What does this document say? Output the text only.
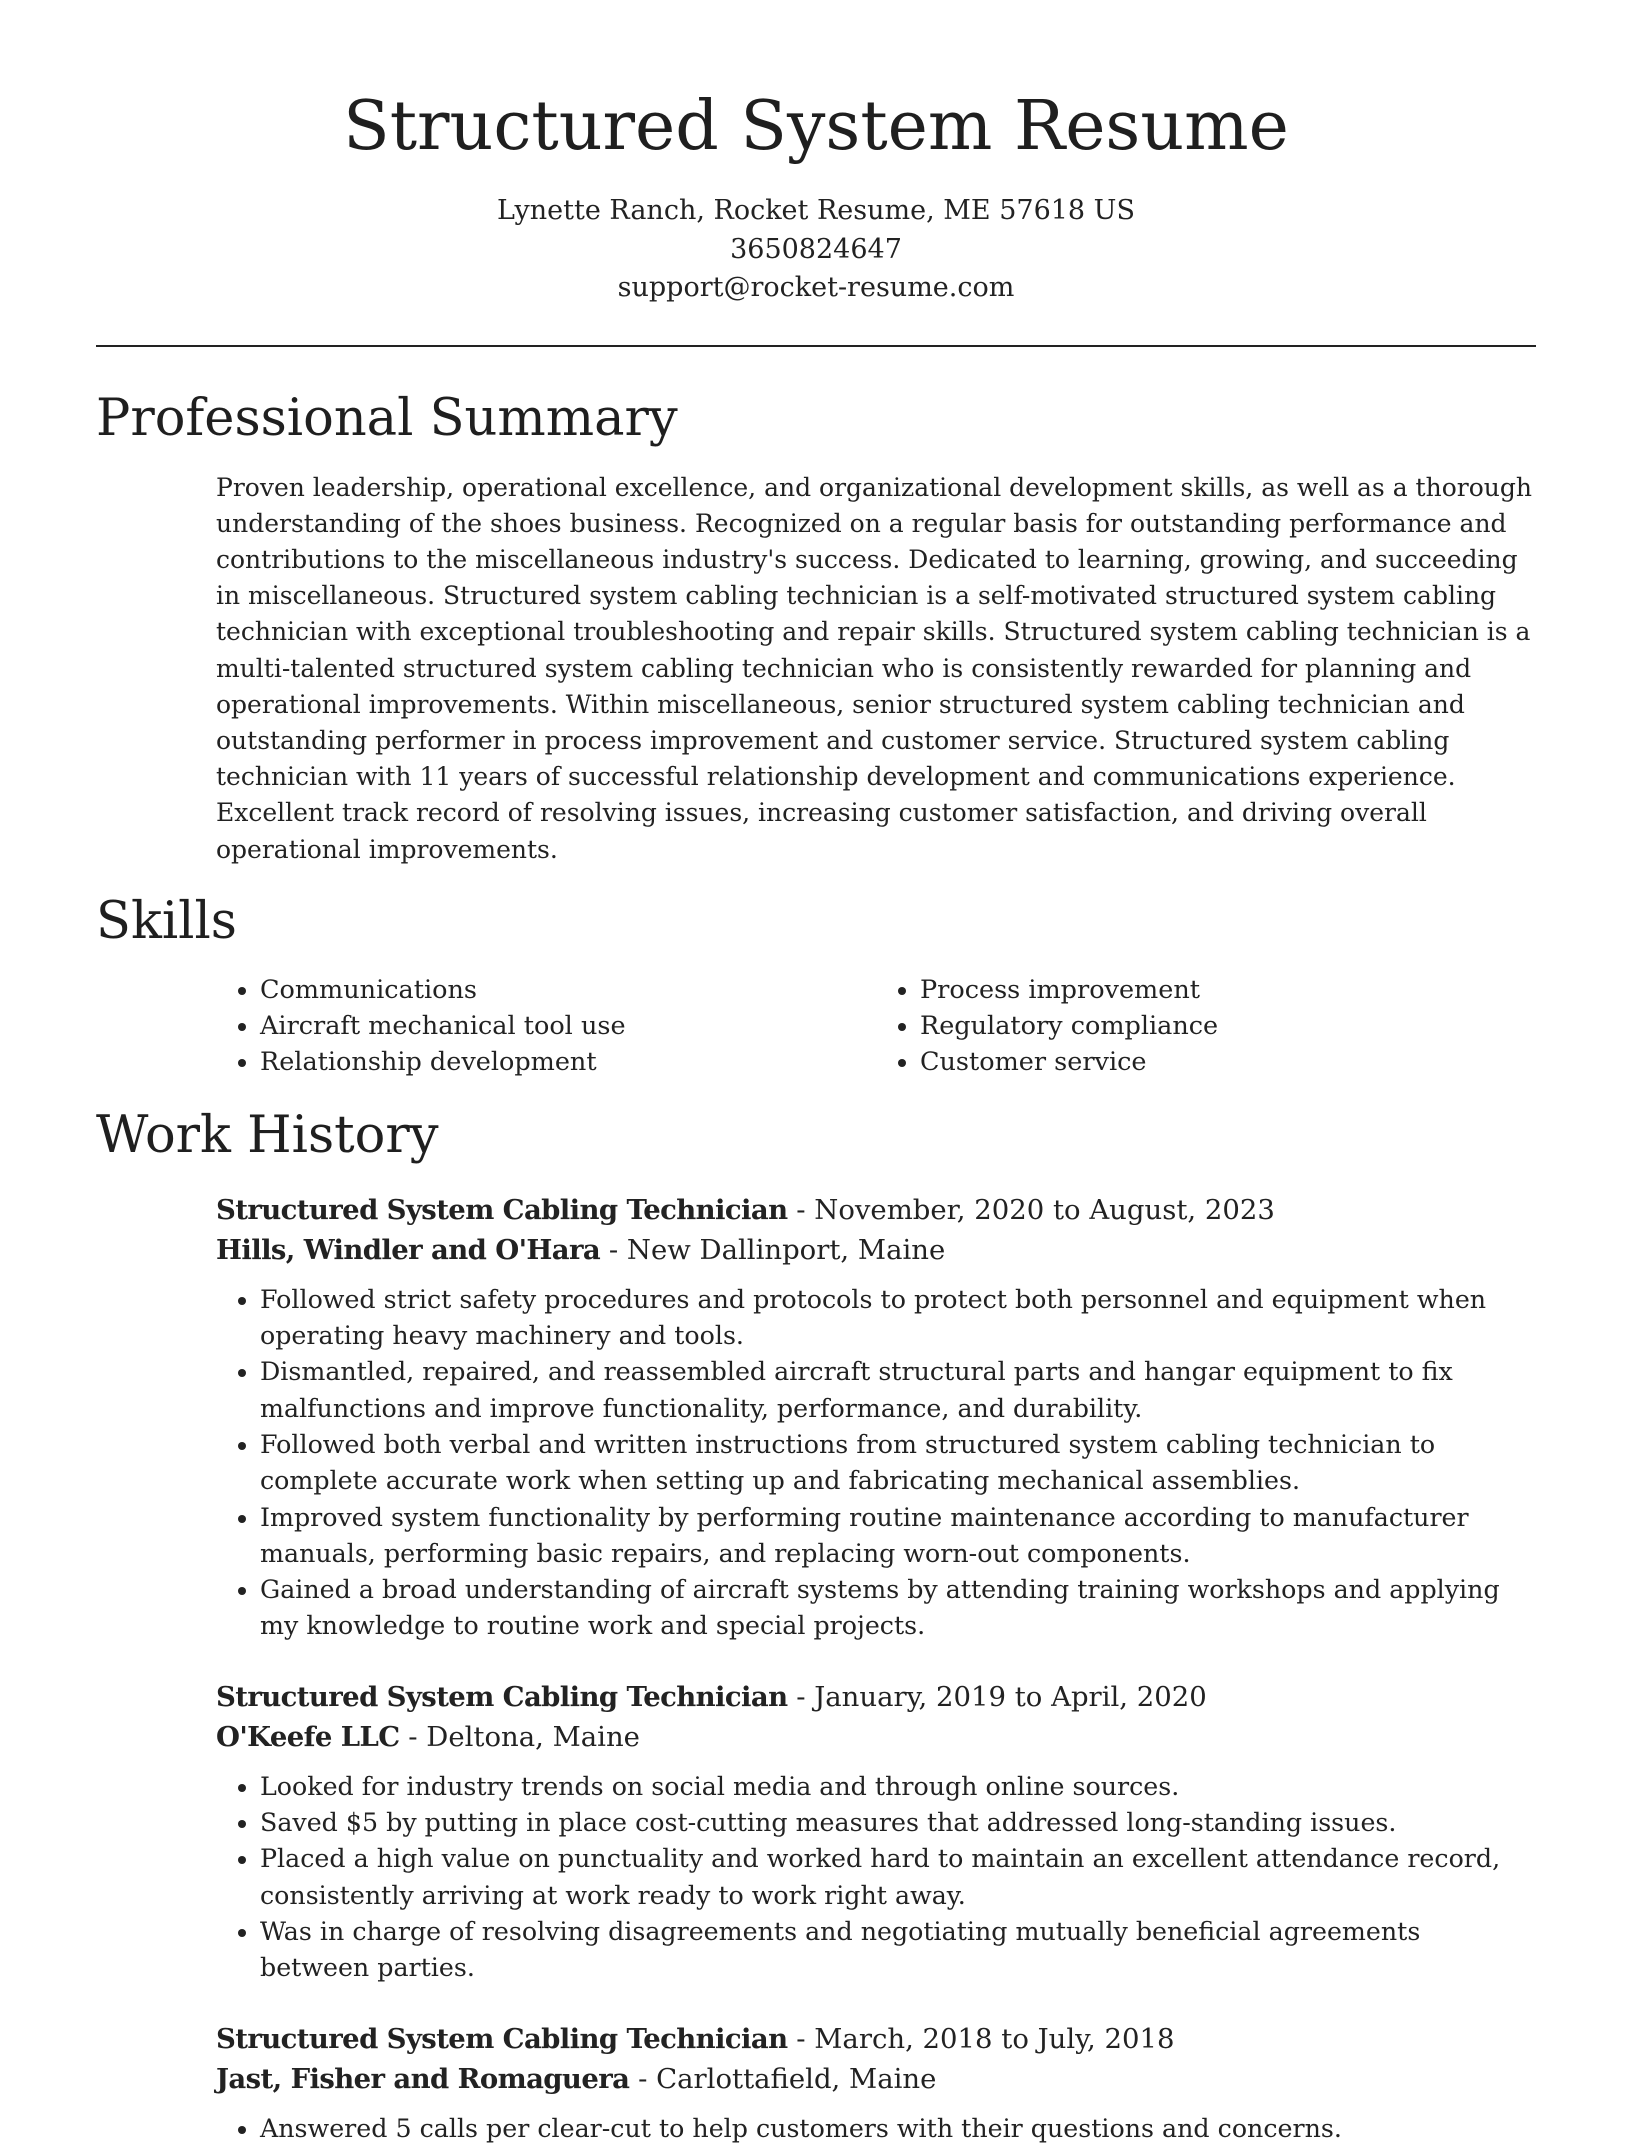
Structured System Resume
Lynette Ranch, Rocket Resume, ME 57618 US
3650824647
support@rocket-resume.com
Professional Summary
Proven leadership, operational excellence, and organizational development skills, as well as a thorough understanding of the shoes business. Recognized on a regular basis for outstanding performance and contributions to the miscellaneous industry's success. Dedicated to learning, growing, and succeeding in miscellaneous. Structured system cabling technician is a self-motivated structured system cabling technician with exceptional troubleshooting and repair skills. Structured system cabling technician is a multi-talented structured system cabling technician who is consistently rewarded for planning and operational improvements. Within miscellaneous, senior structured system cabling technician and outstanding performer in process improvement and customer service. Structured system cabling technician with 11 years of successful relationship development and communications experience. Excellent track record of resolving issues, increasing customer satisfaction, and driving overall operational improvements.
Skills
• Communications
• Aircraft mechanical tool use
• Relationship development
• Process improvement
• Regulatory compliance
• Customer service
Work History
Structured System Cabling Technician - November, 2020 to August, 2023
Hills, Windler and O'Hara - New Dallinport, Maine
• Followed strict safety procedures and protocols to protect both personnel and equipment when operating heavy machinery and tools.
• Dismantled, repaired, and reassembled aircraft structural parts and hangar equipment to fix malfunctions and improve functionality, performance, and durability.
• Followed both verbal and written instructions from structured system cabling technician to complete accurate work when setting up and fabricating mechanical assemblies.
• Improved system functionality by performing routine maintenance according to manufacturer manuals, performing basic repairs, and replacing worn-out components.
• Gained a broad understanding of aircraft systems by attending training workshops and applying my knowledge to routine work and special projects.
Structured System Cabling Technician - January, 2019 to April, 2020
O'Keefe LLC - Deltona, Maine
• Looked for industry trends on social media and through online sources.
• Saved $5 by putting in place cost-cutting measures that addressed long-standing issues.
• Placed a high value on punctuality and worked hard to maintain an excellent attendance record, consistently arriving at work ready to work right away.
• Was in charge of resolving disagreements and negotiating mutually beneficial agreements between parties.
Structured System Cabling Technician - March, 2018 to July, 2018
Jast, Fisher and Romaguera - Carlottafield, Maine
• Answered 5 calls per clear-cut to help customers with their questions and concerns.
